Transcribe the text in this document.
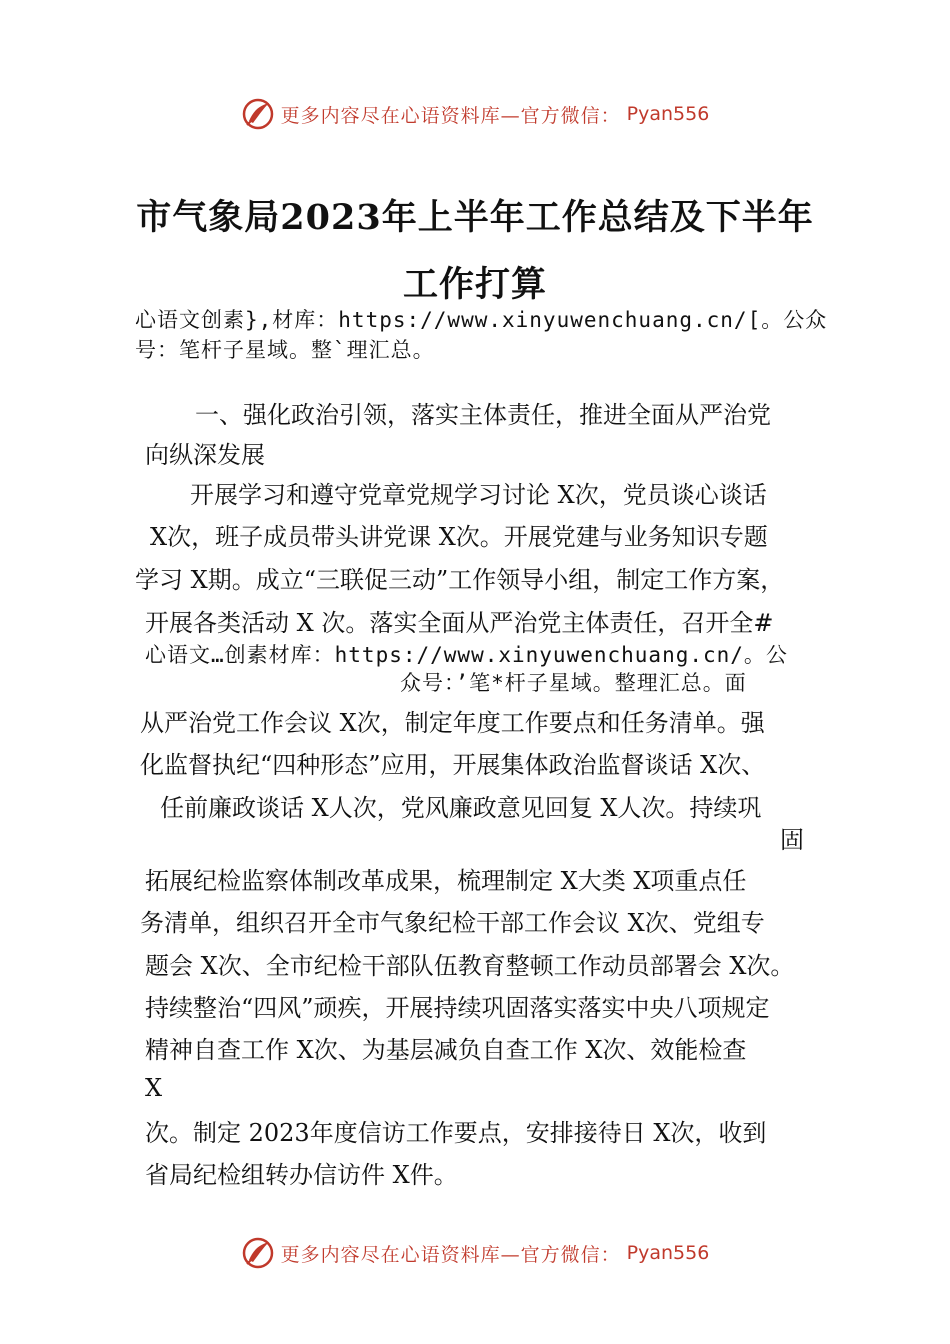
更多内容尽在心语资料库—官方微信： Pyan556
市气象局2023年上半年工作总结及下半年
工作打算
心语文创素},材库：https://www.xinyuwenchuang.cn/[。公众
号：笔杆子星域。整`理汇总。
一、强化政治引领，落实主体责任，推进全面从严治党
向纵深发展
开展学习和遵守党章党规学习讨论 X次，党员谈心谈话
X次，班子成员带头讲党课 X次。开展党建与业务知识专题
学习 X期。成立“三联促三动”工作领导小组，制定工作方案，
开展各类活动 X 次。落实全面从严治党主体责任，召开全#
心语文…创素材库：https://www.xinyuwenchuang.cn/。公
众号：’笔*杆子星域。整理汇总。面
从严治党工作会议 X次，制定年度工作要点和任务清单。强
化监督执纪“四种形态”应用，开展集体政治监督谈话 X次、
任前廉政谈话 X人次，党风廉政意见回复 X人次。持续巩
固
拓展纪检监察体制改革成果，梳理制定 X大类 X项重点任
务清单，组织召开全市气象纪检干部工作会议 X次、党组专
题会 X次、全市纪检干部队伍教育整顿工作动员部署会 X次。
持续整治“四风”顽疾，开展持续巩固落实落实中央八项规定
精神自查工作 X次、为基层减负自查工作 X次、效能检查
X
次。制定 2023年度信访工作要点，安排接待日 X次，收到
省局纪检组转办信访件 X件。
更多内容尽在心语资料库—官方微信： Pyan556
